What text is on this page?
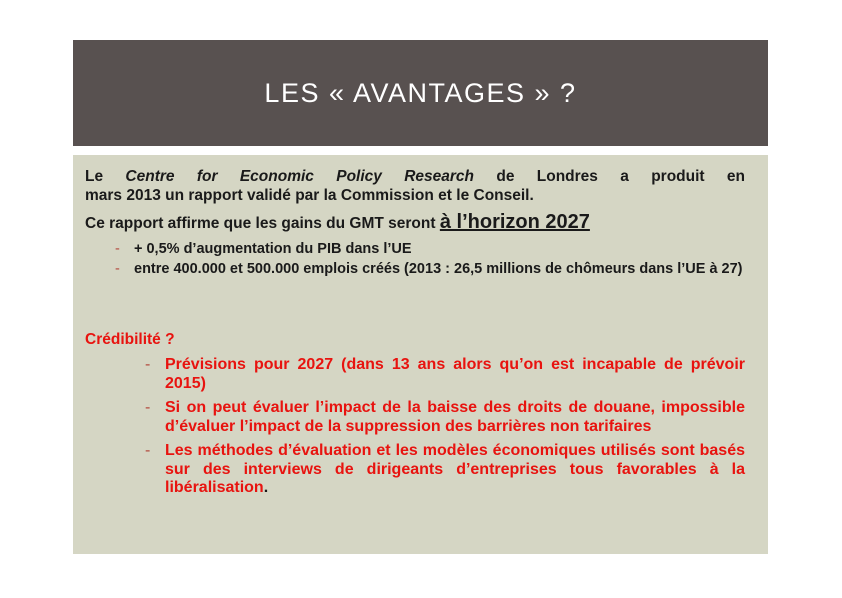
LES « AVANTAGES » ?
Le Centre for Economic Policy Research de Londres a produit en
mars 2013 un rapport validé par la Commission et le Conseil.
Ce rapport affirme que les gains du GMT seront à l’horizon 2027
- + 0,5% d’augmentation du PIB dans l’UE
- entre 400.000 et 500.000 emplois créés (2013 : 26,5 millions de chômeurs dans l’UE à 27)
Crédibilité ?
- Prévisions pour 2027 (dans 13 ans alors qu’on est incapable de prévoir 2015)
- Si on peut évaluer l’impact de la baisse des droits de douane, impossible d’évaluer l’impact de la suppression des barrières non tarifaires
- Les méthodes d’évaluation et les modèles économiques utilisés sont basés sur des interviews de dirigeants d’entreprises tous favorables à la libéralisation.
